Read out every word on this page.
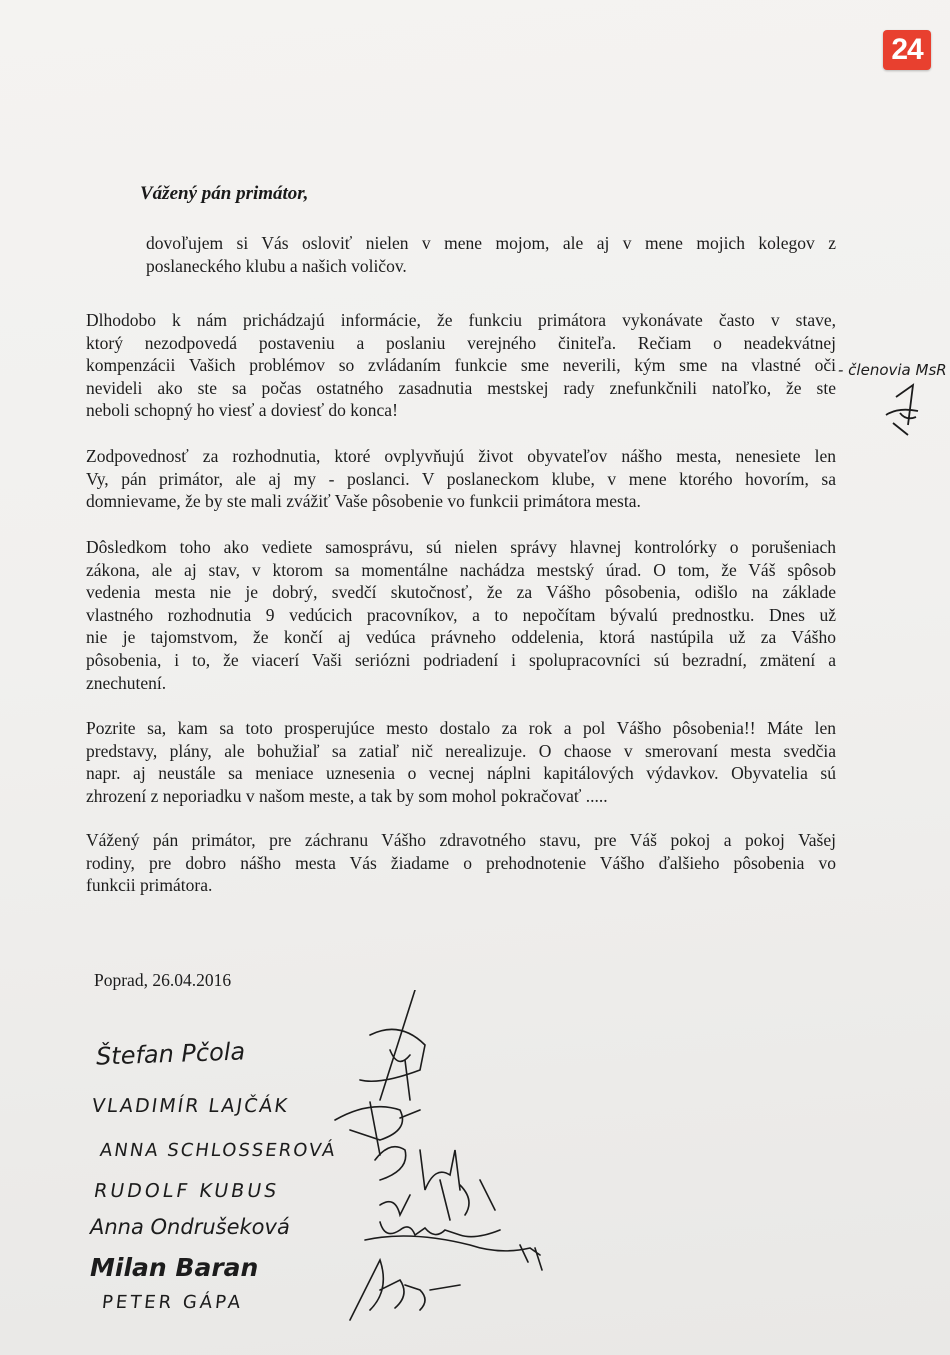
24
Vážený pán primátor,
dovoľujem si Vás osloviť nielen v mene mojom, ale aj v mene mojich kolegov z
poslaneckého klubu a našich voličov.
Dlhodobo k nám prichádzajú informácie, že funkciu primátora vykonávate často v stave,
ktorý nezodpovedá postaveniu a poslaniu verejného činiteľa. Rečiam o neadekvátnej
kompenzácii Vašich problémov so zvládaním funkcie sme neverili, kým sme na vlastné oči
nevideli ako ste sa počas ostatného zasadnutia mestskej rady znefunkčnili natoľko, že ste
neboli schopný ho viesť a doviesť do konca!
Zodpovednosť za rozhodnutia, ktoré ovplyvňujú život obyvateľov nášho mesta, nenesiete len
Vy, pán primátor, ale aj my - poslanci. V poslaneckom klube, v mene ktorého hovorím, sa
domnievame, že by ste mali zvážiť Vaše pôsobenie vo funkcii primátora mesta.
Dôsledkom toho ako vediete samosprávu, sú nielen správy hlavnej kontrolórky o porušeniach
zákona, ale aj stav, v ktorom sa momentálne nachádza mestský úrad. O tom, že Váš spôsob
vedenia mesta nie je dobrý, svedčí skutočnosť, že za Vášho pôsobenia, odišlo na základe
vlastného rozhodnutia 9 vedúcich pracovníkov, a to nepočítam bývalú prednostku. Dnes už
nie je tajomstvom, že končí aj vedúca právneho oddelenia, ktorá nastúpila už za Vášho
pôsobenia, i to, že viacerí Vaši seriózni podriadení i spolupracovníci sú bezradní, zmätení a
znechutení.
Pozrite sa, kam sa toto prosperujúce mesto dostalo za rok a pol Vášho pôsobenia!! Máte len
predstavy, plány, ale bohužiaľ sa zatiaľ nič nerealizuje. O chaose v smerovaní mesta svedčia
napr. aj neustále sa meniace uznesenia o vecnej náplni kapitálových výdavkov. Obyvatelia sú
zhrození z neporiadku v našom meste, a tak by som mohol pokračovať .....
Vážený pán primátor, pre záchranu Vášho zdravotného stavu, pre Váš pokoj a pokoj Vašej
rodiny, pre dobro nášho mesta Vás žiadame o prehodnotenie Vášho ďalšieho pôsobenia vo
funkcii primátora.
Poprad, 26.04.2016
- členovia MsR
Štefan Pčola
VLADIMÍR LAJČÁK
ANNA SCHLOSSEROVÁ
RUDOLF KUBUS
Anna Ondrušeková
Milan Baran
PETER GÁPA
